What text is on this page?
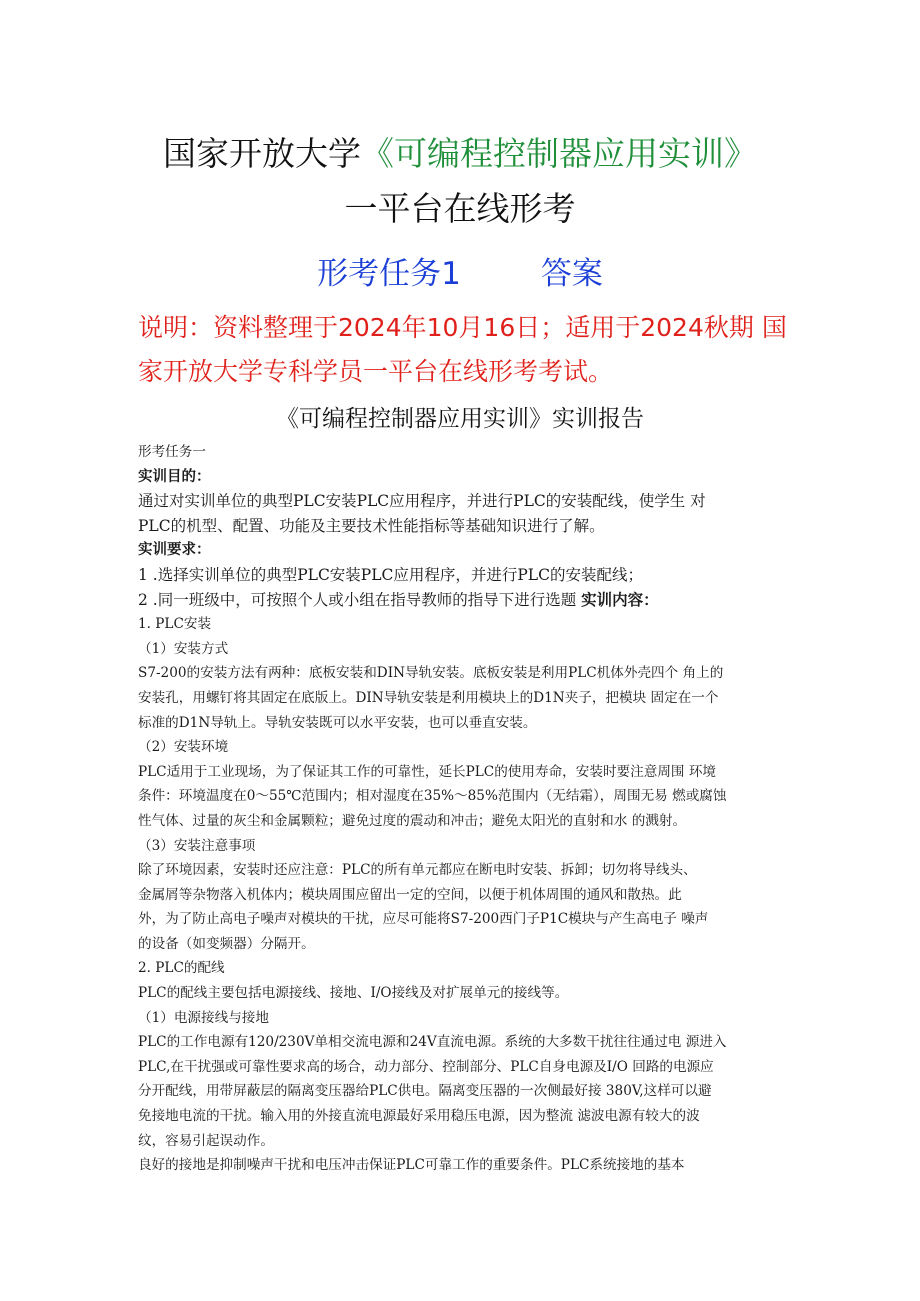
国家开放大学《可编程控制器应用实训》
一平台在线形考
形考任务1	答案
说明：资料整理于2024年10月16日；适用于2024秋期 国
家开放大学专科学员一平台在线形考考试。
《可编程控制器应用实训》实训报告

形考任务一

实训目的：

通过对实训单位的典型PLC安装PLC应用程序，并进行PLC的安装配线，使学生 对

PLC的机型、配置、功能及主要技术性能指标等基础知识进行了解。

实训要求：

1 .选择实训单位的典型PLC安装PLC应用程序，并进行PLC的安装配线；

2 .同一班级中，可按照个人或小组在指导教师的指导下进行选题 实训内容：

1. PLC安装

（1）安装方式

S7-200的安装方法有两种：底板安装和DIN导轨安装。底板安装是利用PLC机体外壳四个 角上的

安装孔，用螺钉将其固定在底版上。DIN导轨安装是利用模块上的D1N夹子，把模块 固定在一个

标准的D1N导轨上。导轨安装既可以水平安装，也可以垂直安装。

（2）安装环境

PLC适用于工业现场，为了保证其工作的可靠性，延长PLC的使用寿命，安装时要注意周围 环境

条件：环境温度在0～55℃范围内；相对湿度在35%～85%范围内（无结霜），周围无易 燃或腐蚀

性气体、过量的灰尘和金属颗粒；避免过度的震动和冲击；避免太阳光的直射和水 的溅射。

（3）安装注意事项

除了环境因素，安装时还应注意：PLC的所有单元都应在断电时安装、拆卸；切勿将导线头、

金属屑等杂物落入机体内；模块周围应留出一定的空间，以便于机体周围的通风和散热。此

外，为了防止高电子噪声对模块的干扰，应尽可能将S7-200西门子P1C模块与产生高电子 噪声

的设备（如变频器）分隔开。

2. PLC的配线

PLC的配线主要包括电源接线、接地、I/O接线及对扩展单元的接线等。

（1）电源接线与接地

PLC的工作电源有120/230V单相交流电源和24V直流电源。系统的大多数干扰往往通过电 源进入

PLC,在干扰强或可靠性要求高的场合，动力部分、控制部分、PLC自身电源及I/O 回路的电源应

分开配线，用带屏蔽层的隔离变压器给PLC供电。隔离变压器的一次侧最好接 380V,这样可以避

免接地电流的干扰。输入用的外接直流电源最好采用稳压电源，因为整流 滤波电源有较大的波

纹，容易引起误动作。

良好的接地是抑制噪声干扰和电压冲击保证PLC可靠工作的重要条件。PLC系统接地的基本
